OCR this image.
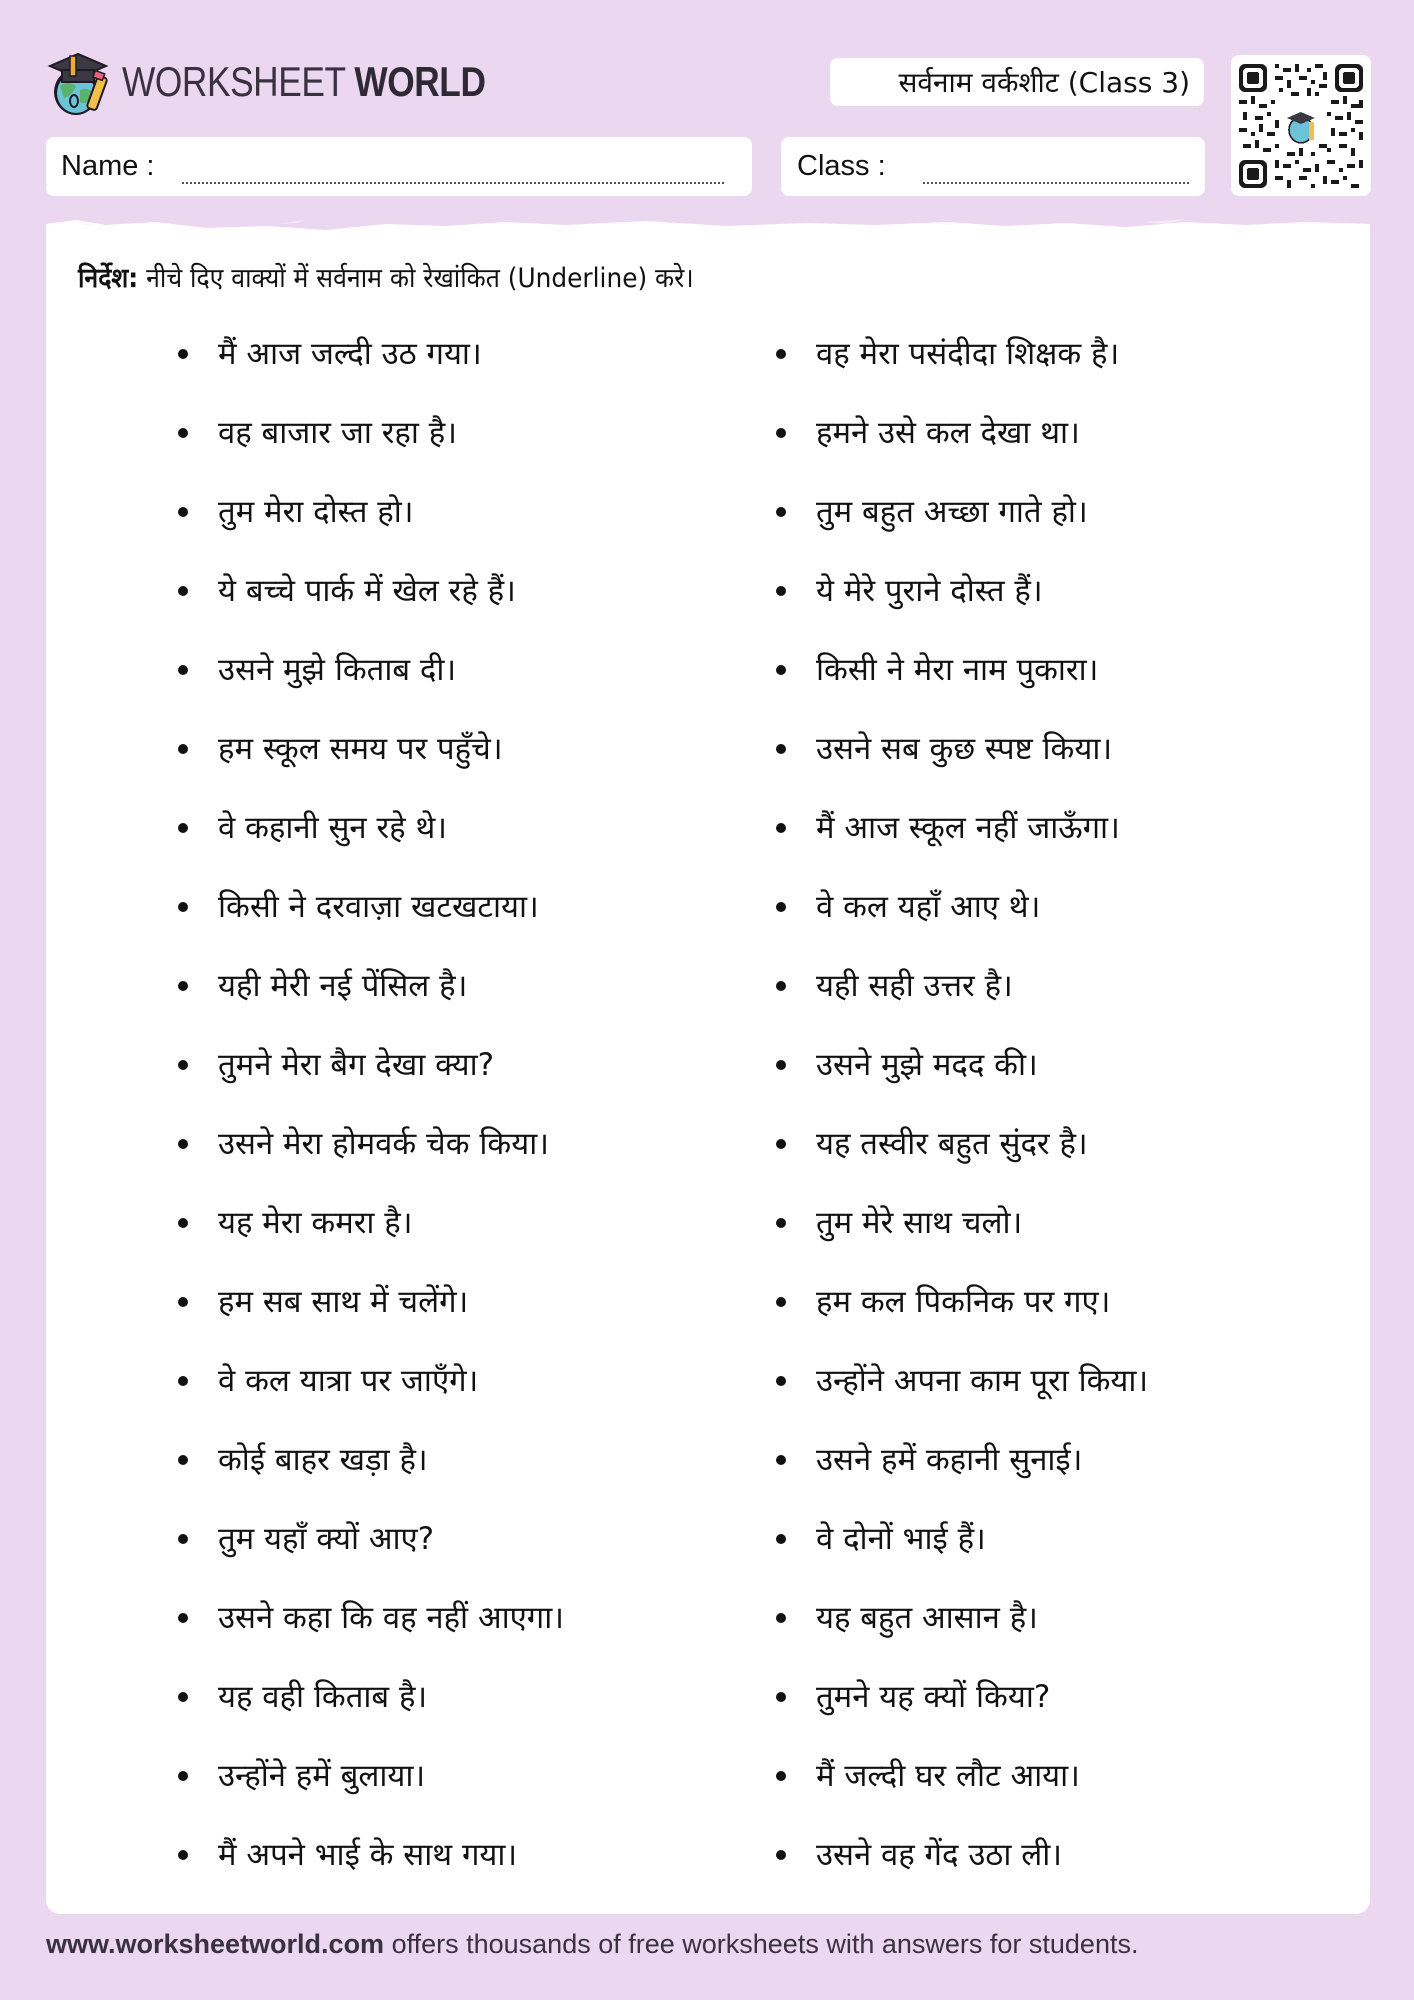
WORKSHEET WORLD	सर्वनाम वर्कशीट (Class 3)
Name :	Class :
निर्देश: नीचे दिए वाक्यों में सर्वनाम को रेखांकित (Underline) करे।
मैं आज जल्दी उठ गया।
वह बाजार जा रहा है।
तुम मेरा दोस्त हो।
ये बच्चे पार्क में खेल रहे हैं।
उसने मुझे किताब दी।
हम स्कूल समय पर पहुँचे।
वे कहानी सुन रहे थे।
किसी ने दरवाज़ा खटखटाया।
यही मेरी नई पेंसिल है।
तुमने मेरा बैग देखा क्या?
उसने मेरा होमवर्क चेक किया।
यह मेरा कमरा है।
हम सब साथ में चलेंगे।
वे कल यात्रा पर जाएँगे।
कोई बाहर खड़ा है।
तुम यहाँ क्यों आए?
उसने कहा कि वह नहीं आएगा।
यह वही किताब है।
उन्होंने हमें बुलाया।
मैं अपने भाई के साथ गया।
वह मेरा पसंदीदा शिक्षक है।
हमने उसे कल देखा था।
तुम बहुत अच्छा गाते हो।
ये मेरे पुराने दोस्त हैं।
किसी ने मेरा नाम पुकारा।
उसने सब कुछ स्पष्ट किया।
मैं आज स्कूल नहीं जाऊँगा।
वे कल यहाँ आए थे।
यही सही उत्तर है।
उसने मुझे मदद की।
यह तस्वीर बहुत सुंदर है।
तुम मेरे साथ चलो।
हम कल पिकनिक पर गए।
उन्होंने अपना काम पूरा किया।
उसने हमें कहानी सुनाई।
वे दोनों भाई हैं।
यह बहुत आसान है।
तुमने यह क्यों किया?
मैं जल्दी घर लौट आया।
उसने वह गेंद उठा ली।
www.worksheetworld.com offers thousands of free worksheets with answers for students.
